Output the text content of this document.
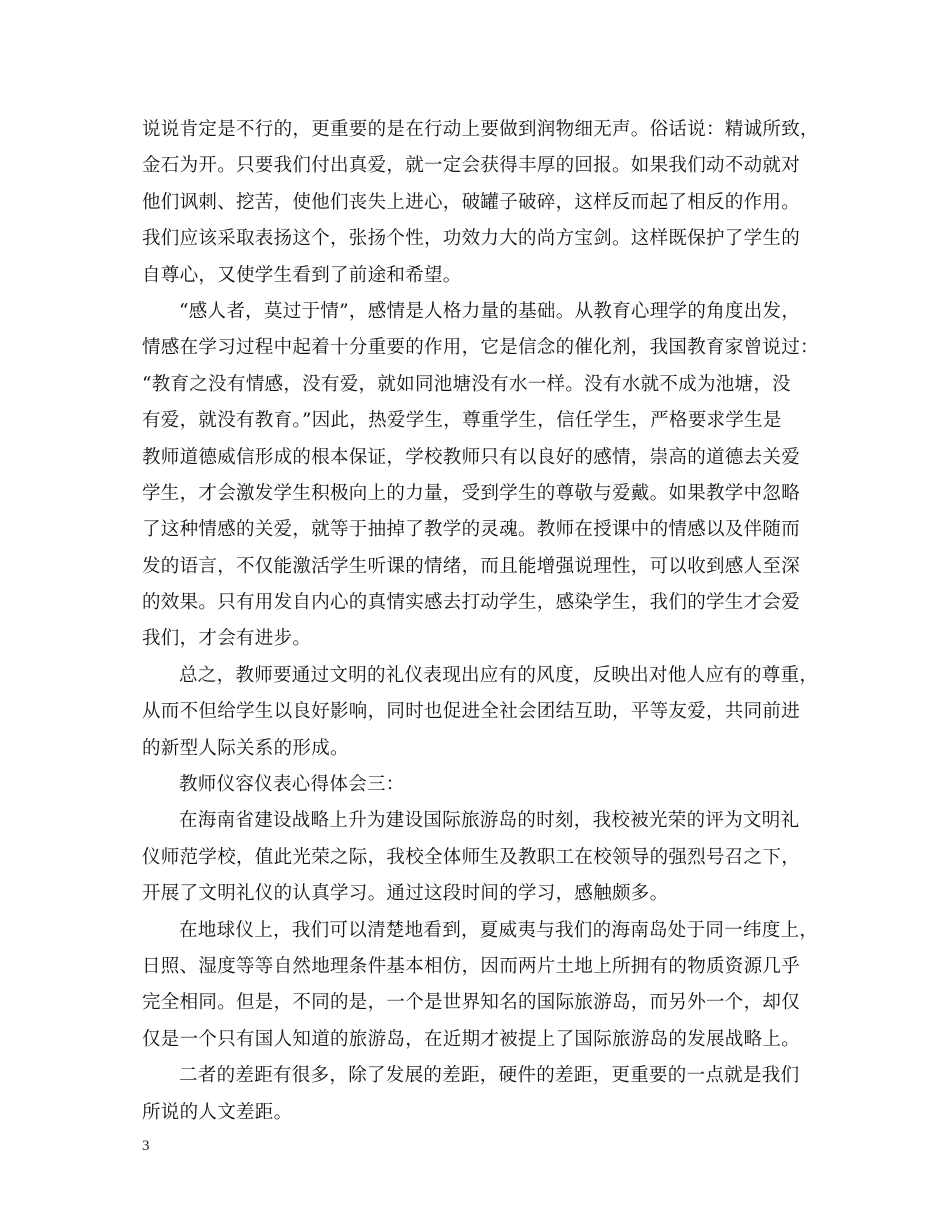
说说肯定是不行的，更重要的是在行动上要做到润物细无声。俗话说：精诚所致，
金石为开。只要我们付出真爱，就一定会获得丰厚的回报。如果我们动不动就对
他们讽刺、挖苦，使他们丧失上进心，破罐子破碎，这样反而起了相反的作用。
我们应该采取表扬这个，张扬个性，功效力大的尚方宝剑。这样既保护了学生的
自尊心，又使学生看到了前途和希望。

“感人者，莫过于情”，感情是人格力量的基础。从教育心理学的角度出发，
情感在学习过程中起着十分重要的作用，它是信念的催化剂，我国教育家曾说过：
“教育之没有情感，没有爱，就如同池塘没有水一样。没有水就不成为池塘，没
有爱，就没有教育。”因此，热爱学生，尊重学生，信任学生，严格要求学生是
教师道德威信形成的根本保证，学校教师只有以良好的感情，崇高的道德去关爱
学生，才会激发学生积极向上的力量，受到学生的尊敬与爱戴。如果教学中忽略
了这种情感的关爱，就等于抽掉了教学的灵魂。教师在授课中的情感以及伴随而
发的语言，不仅能激活学生听课的情绪，而且能增强说理性，可以收到感人至深
的效果。只有用发自内心的真情实感去打动学生，感染学生，我们的学生才会爱
我们，才会有进步。

总之，教师要通过文明的礼仪表现出应有的风度，反映出对他人应有的尊重，
从而不但给学生以良好影响，同时也促进全社会团结互助，平等友爱，共同前进
的新型人际关系的形成。

教师仪容仪表心得体会三：

在海南省建设战略上升为建设国际旅游岛的时刻，我校被光荣的评为文明礼
仪师范学校，值此光荣之际，我校全体师生及教职工在校领导的强烈号召之下，
开展了文明礼仪的认真学习。通过这段时间的学习，感触颇多。

在地球仪上，我们可以清楚地看到，夏威夷与我们的海南岛处于同一纬度上，
日照、湿度等等自然地理条件基本相仿，因而两片土地上所拥有的物质资源几乎
完全相同。但是，不同的是，一个是世界知名的国际旅游岛，而另外一个，却仅
仅是一个只有国人知道的旅游岛，在近期才被提上了国际旅游岛的发展战略上。

二者的差距有很多，除了发展的差距，硬件的差距，更重要的一点就是我们
所说的人文差距。

3
